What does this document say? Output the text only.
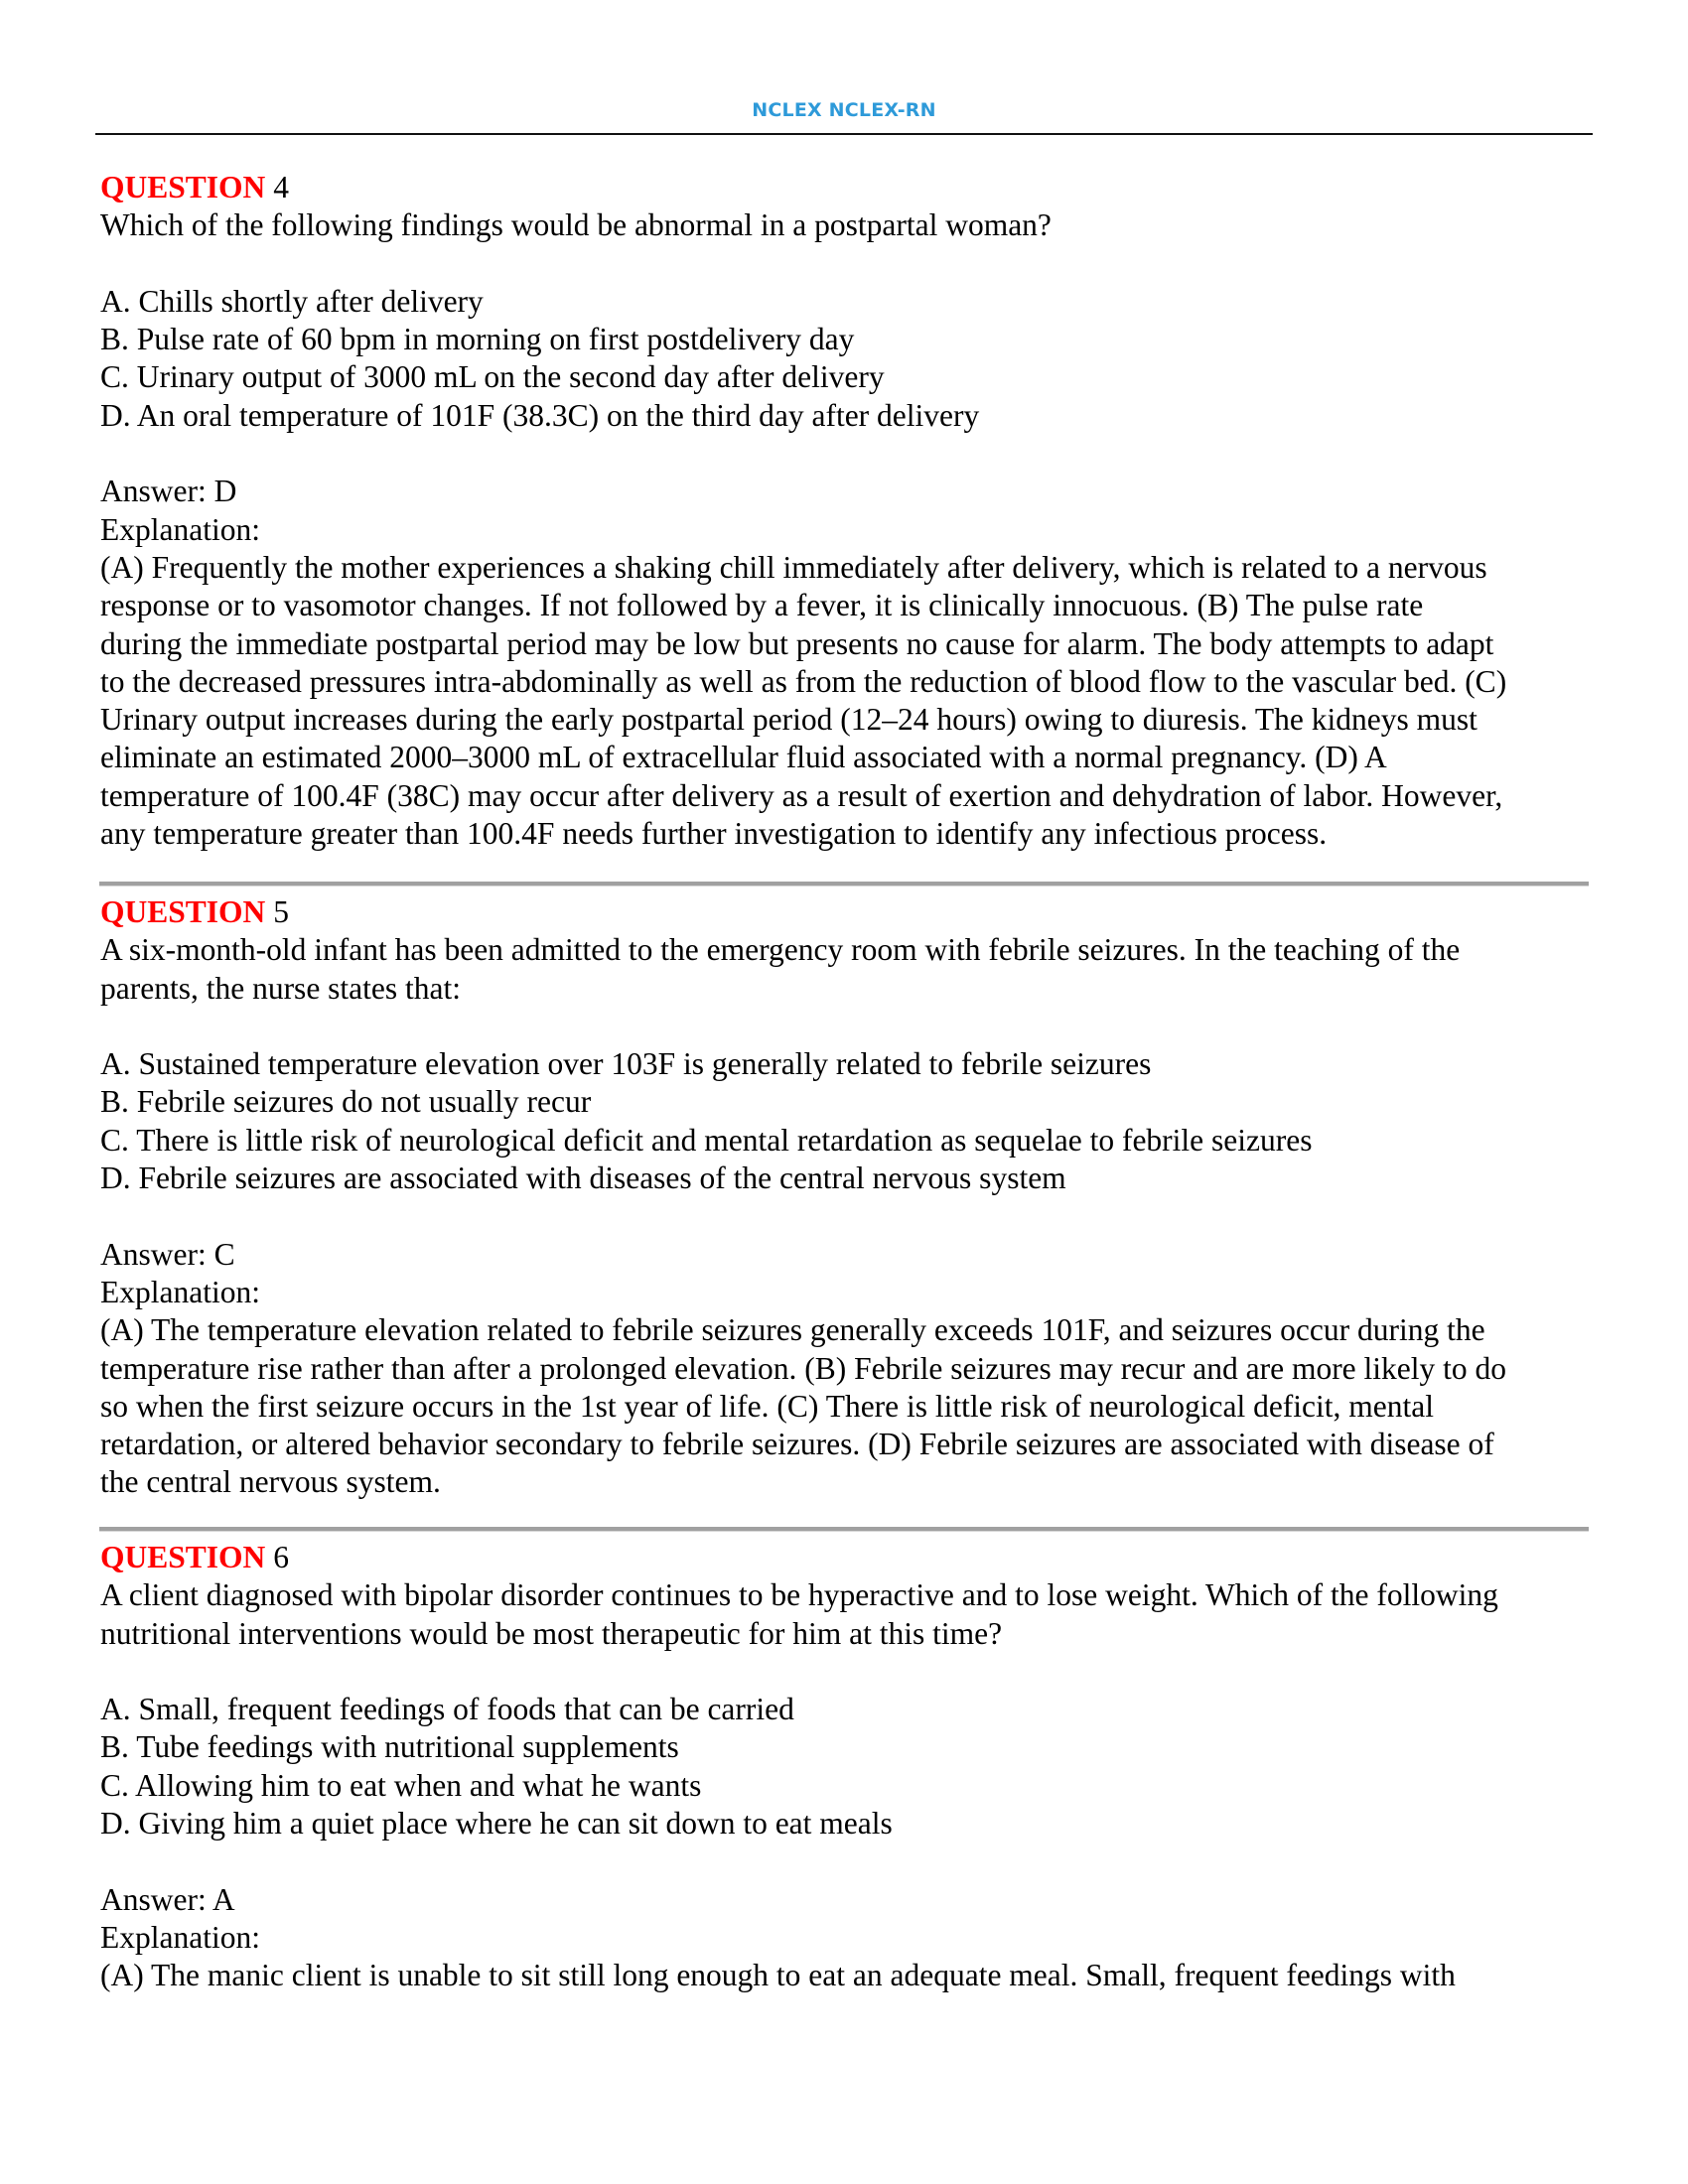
NCLEX NCLEX-RN
QUESTION 4
Which of the following findings would be abnormal in a postpartal woman?
A. Chills shortly after delivery
B. Pulse rate of 60 bpm in morning on first postdelivery day
C. Urinary output of 3000 mL on the second day after delivery
D. An oral temperature of 101F (38.3C) on the third day after delivery
Answer: D
Explanation:
(A) Frequently the mother experiences a shaking chill immediately after delivery, which is related to a nervous
response or to vasomotor changes. If not followed by a fever, it is clinically innocuous. (B) The pulse rate
during the immediate postpartal period may be low but presents no cause for alarm. The body attempts to adapt
to the decreased pressures intra-abdominally as well as from the reduction of blood flow to the vascular bed. (C)
Urinary output increases during the early postpartal period (12–24 hours) owing to diuresis. The kidneys must
eliminate an estimated 2000–3000 mL of extracellular fluid associated with a normal pregnancy. (D) A
temperature of 100.4F (38C) may occur after delivery as a result of exertion and dehydration of labor. However,
any temperature greater than 100.4F needs further investigation to identify any infectious process.
QUESTION 5
A six-month-old infant has been admitted to the emergency room with febrile seizures. In the teaching of the
parents, the nurse states that:
A. Sustained temperature elevation over 103F is generally related to febrile seizures
B. Febrile seizures do not usually recur
C. There is little risk of neurological deficit and mental retardation as sequelae to febrile seizures
D. Febrile seizures are associated with diseases of the central nervous system
Answer: C
Explanation:
(A) The temperature elevation related to febrile seizures generally exceeds 101F, and seizures occur during the
temperature rise rather than after a prolonged elevation. (B) Febrile seizures may recur and are more likely to do
so when the first seizure occurs in the 1st year of life. (C) There is little risk of neurological deficit, mental
retardation, or altered behavior secondary to febrile seizures. (D) Febrile seizures are associated with disease of
the central nervous system.
QUESTION 6
A client diagnosed with bipolar disorder continues to be hyperactive and to lose weight. Which of the following
nutritional interventions would be most therapeutic for him at this time?
A. Small, frequent feedings of foods that can be carried
B. Tube feedings with nutritional supplements
C. Allowing him to eat when and what he wants
D. Giving him a quiet place where he can sit down to eat meals
Answer: A
Explanation:
(A) The manic client is unable to sit still long enough to eat an adequate meal. Small, frequent feedings with
